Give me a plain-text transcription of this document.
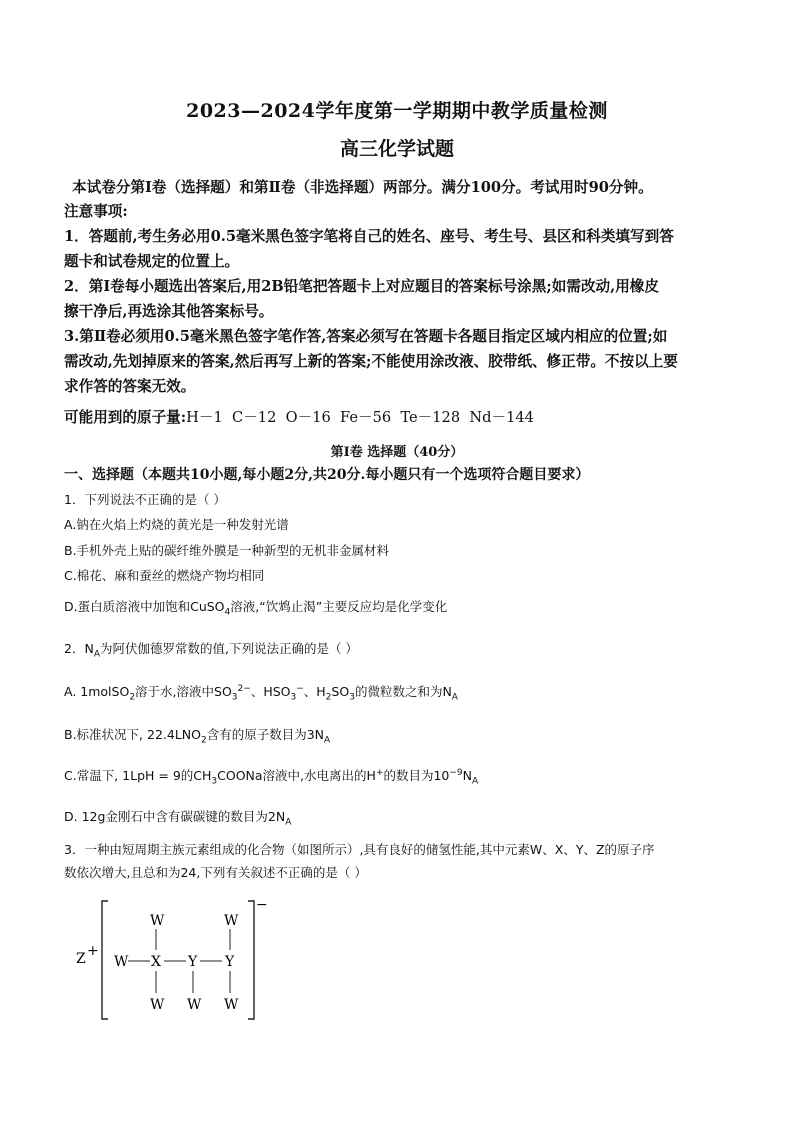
2023—2024学年度第一学期期中教学质量检测
高三化学试题
本试卷分第Ⅰ卷（选择题）和第Ⅱ卷（非选择题）两部分。满分100分。考试用时90分钟。
注意事项:
1．答题前,考生务必用0.5毫米黑色签字笔将自己的姓名、座号、考生号、县区和科类填写到答
题卡和试卷规定的位置上。
2．第Ⅰ卷每小题选出答案后,用2B铅笔把答题卡上对应题目的答案标号涂黑;如需改动,用橡皮
擦干净后,再选涂其他答案标号。
3.第Ⅱ卷必须用0.5毫米黑色签字笔作答,答案必须写在答题卡各题目指定区域内相应的位置;如
需改动,先划掉原来的答案,然后再写上新的答案;不能使用涂改液、胶带纸、修正带。不按以上要
求作答的答案无效。
可能用到的原子量:H－1  C－12  O－16  Fe－56  Te－128  Nd－144
第Ⅰ卷 选择题（40分）
一、选择题（本题共10小题,每小题2分,共20分.每小题只有一个选项符合题目要求）
1．下列说法不正确的是（ ）
A.钠在火焰上灼烧的黄光是一种发射光谱
B.手机外壳上贴的碳纤维外膜是一种新型的无机非金属材料
C.棉花、麻和蚕丝的燃烧产物均相同
D.蛋白质溶液中加饱和CuSO$_4$溶液,“饮鸩止渴”主要反应均是化学变化
2．$N_A$为阿伏伽德罗常数的值,下列说法正确的是（ ）
A. 1molSO$_2$溶于水,溶液中$SO_3^{2-}$、$HSO_3^-$、$H_2SO_3$的微粒数之和为$N_A$
B.标准状况下, $22.4LNO_2$含有的原子数目为$3N_A$
C.常温下, 1LpH = 9的$CH_3COONa$溶液中,水电离出的H+的数目为$10^{-9}N_A$
D. 12g金刚石中含有碳碳键的数目为$2N_A$
3．一种由短周期主族元素组成的化合物（如图所示）,具有良好的储氢性能,其中元素W、X、Y、Z的原子序
数依次增大,且总和为24,下列有关叙述不正确的是（ ）
Z +
−
W	W
W X Y Y
W W W
